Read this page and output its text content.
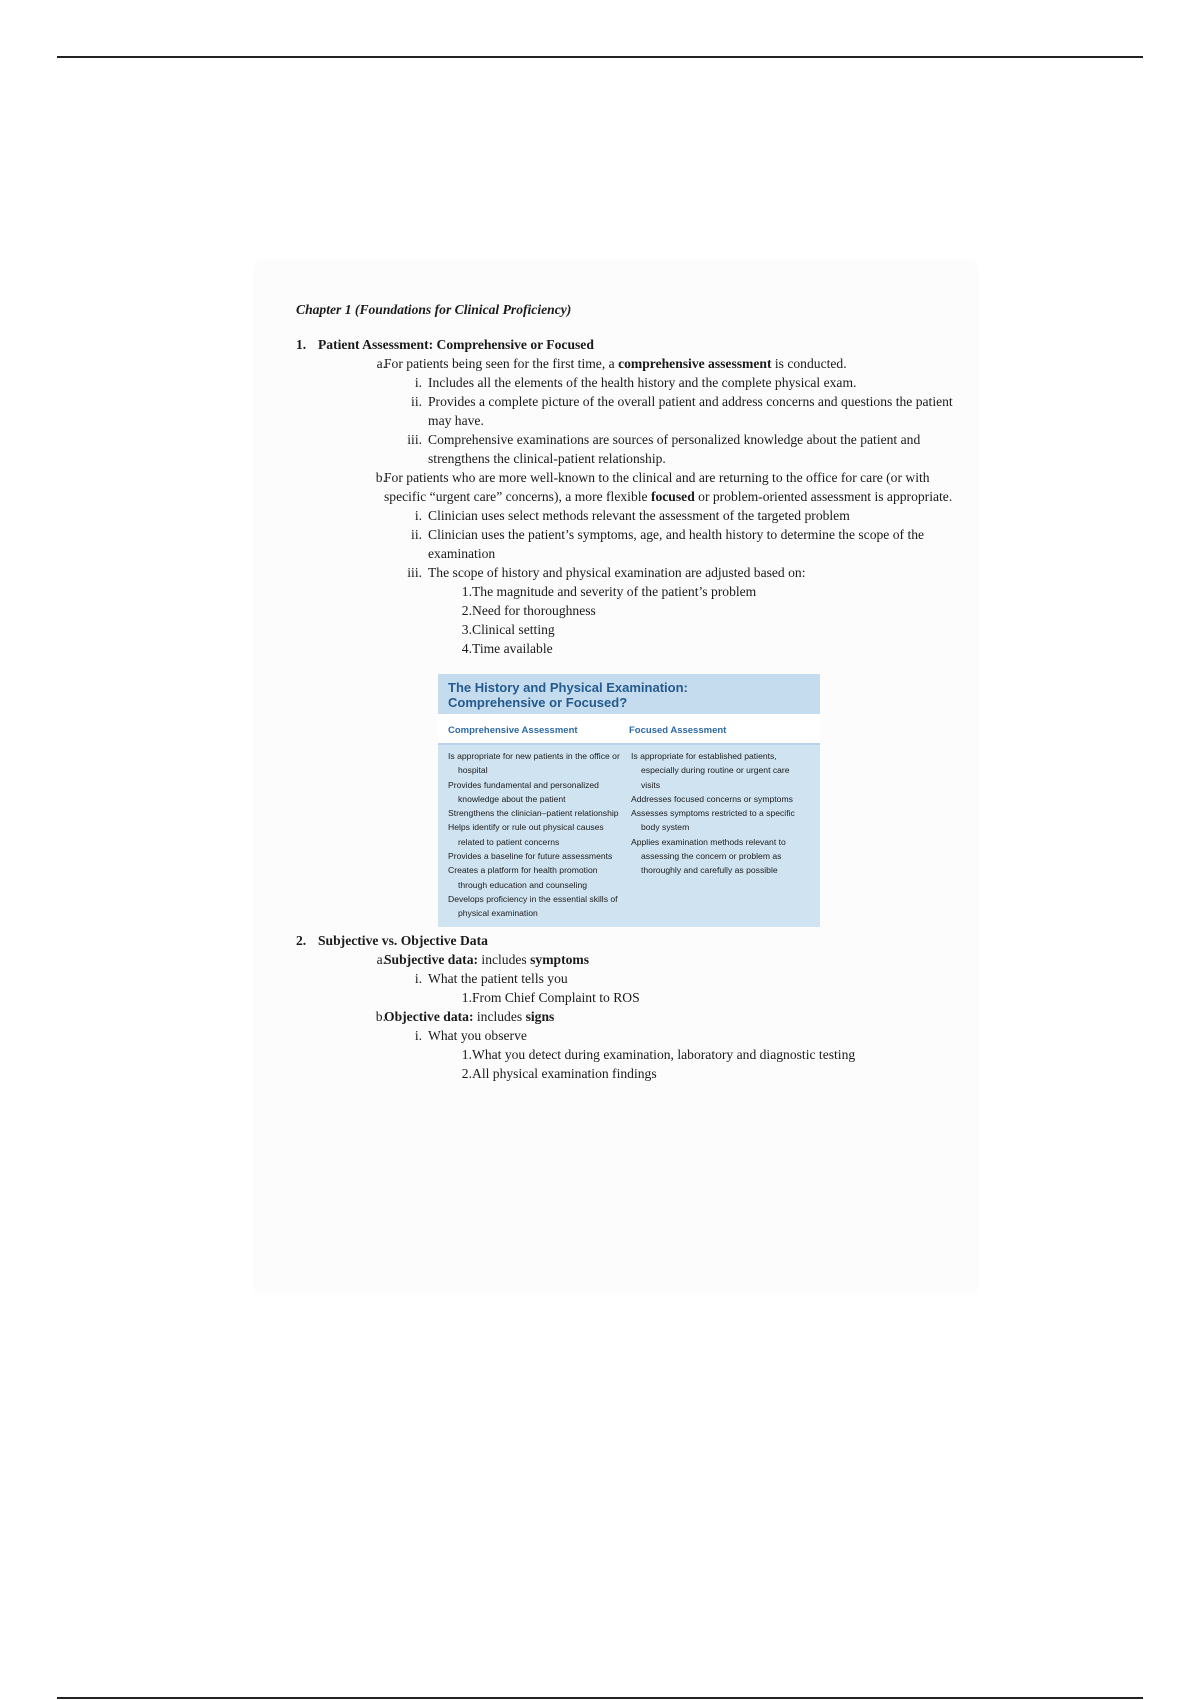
Chapter 1 (Foundations for Clinical Proficiency)

1. Patient Assessment: Comprehensive or Focused
a.
For patients being seen for the first time, a comprehensive assessment is conducted.
i. Includes all the elements of the health history and the complete physical exam.
ii. Provides a complete picture of the overall patient and address concerns and questions the patient may have.
iii. Comprehensive examinations are sources of personalized knowledge about the patient and strengthens the clinical-patient relationship.
b.
For patients who are more well-known to the clinical and are returning to the office for care (or with specific “urgent care” concerns), a more flexible focused or problem-oriented assessment is appropriate.
i. Clinician uses select methods relevant the assessment of the targeted problem
ii. Clinician uses the patient’s symptoms, age, and health history to determine the scope of the examination
iii. The scope of history and physical examination are adjusted based on:
1. The magnitude and severity of the patient’s problem
2. Need for thoroughness
3. Clinical setting
4. Time available
The History and Physical Examination:
Comprehensive or Focused?
Comprehensive Assessment	Focused Assessment
Is appropriate for new patients in the office or hospital
Provides fundamental and personalized knowledge about the patient
Strengthens the clinician–patient relationship
Helps identify or rule out physical causes related to patient concerns
Provides a baseline for future assessments
Creates a platform for health promotion through education and counseling
Develops proficiency in the essential skills of physical examination
Is appropriate for established patients, especially during routine or urgent care visits
Addresses focused concerns or symptoms
Assesses symptoms restricted to a specific body system
Applies examination methods relevant to assessing the concern or problem as thoroughly and carefully as possible
2. Subjective vs. Objective Data
a.
Subjective data: includes symptoms
i. What the patient tells you
1. From Chief Complaint to ROS
b.
Objective data: includes signs
i. What you observe
1. What you detect during examination, laboratory and diagnostic testing
2. All physical examination findings
